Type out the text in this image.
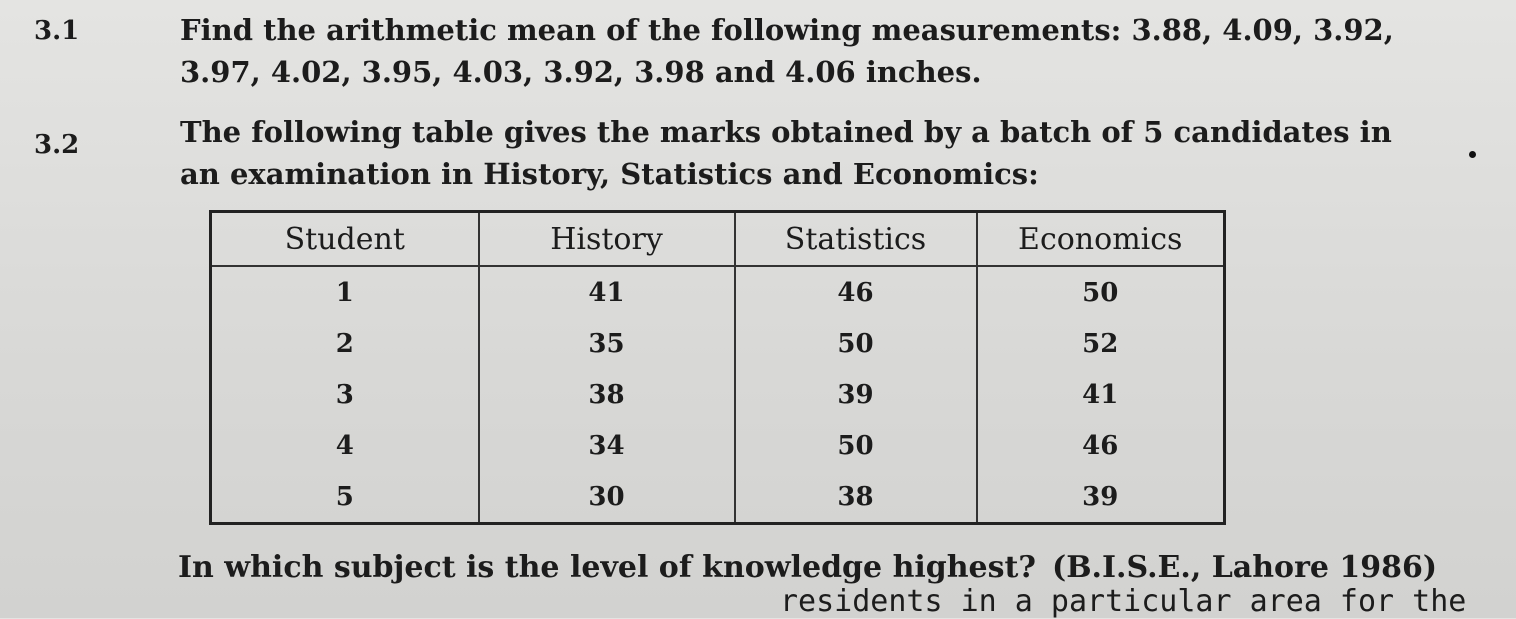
3.1	Find the arithmetic mean of the following measurements: 3.88, 4.09, 3.92,
3.97, 4.02, 3.95, 4.03, 3.92, 3.98 and 4.06 inches.
3.2	The following table gives the marks obtained by a batch of 5 candidates in
an examination in History, Statistics and Economics:
Student	History	Statistics	Economics
1	41	46	50
2	35	50	52
3	38	39	41
4	34	50	46
5	30	38	39
In which subject is the level of knowledge highest? (B.I.S.E., Lahore 1986)
residents in a particular area for the
